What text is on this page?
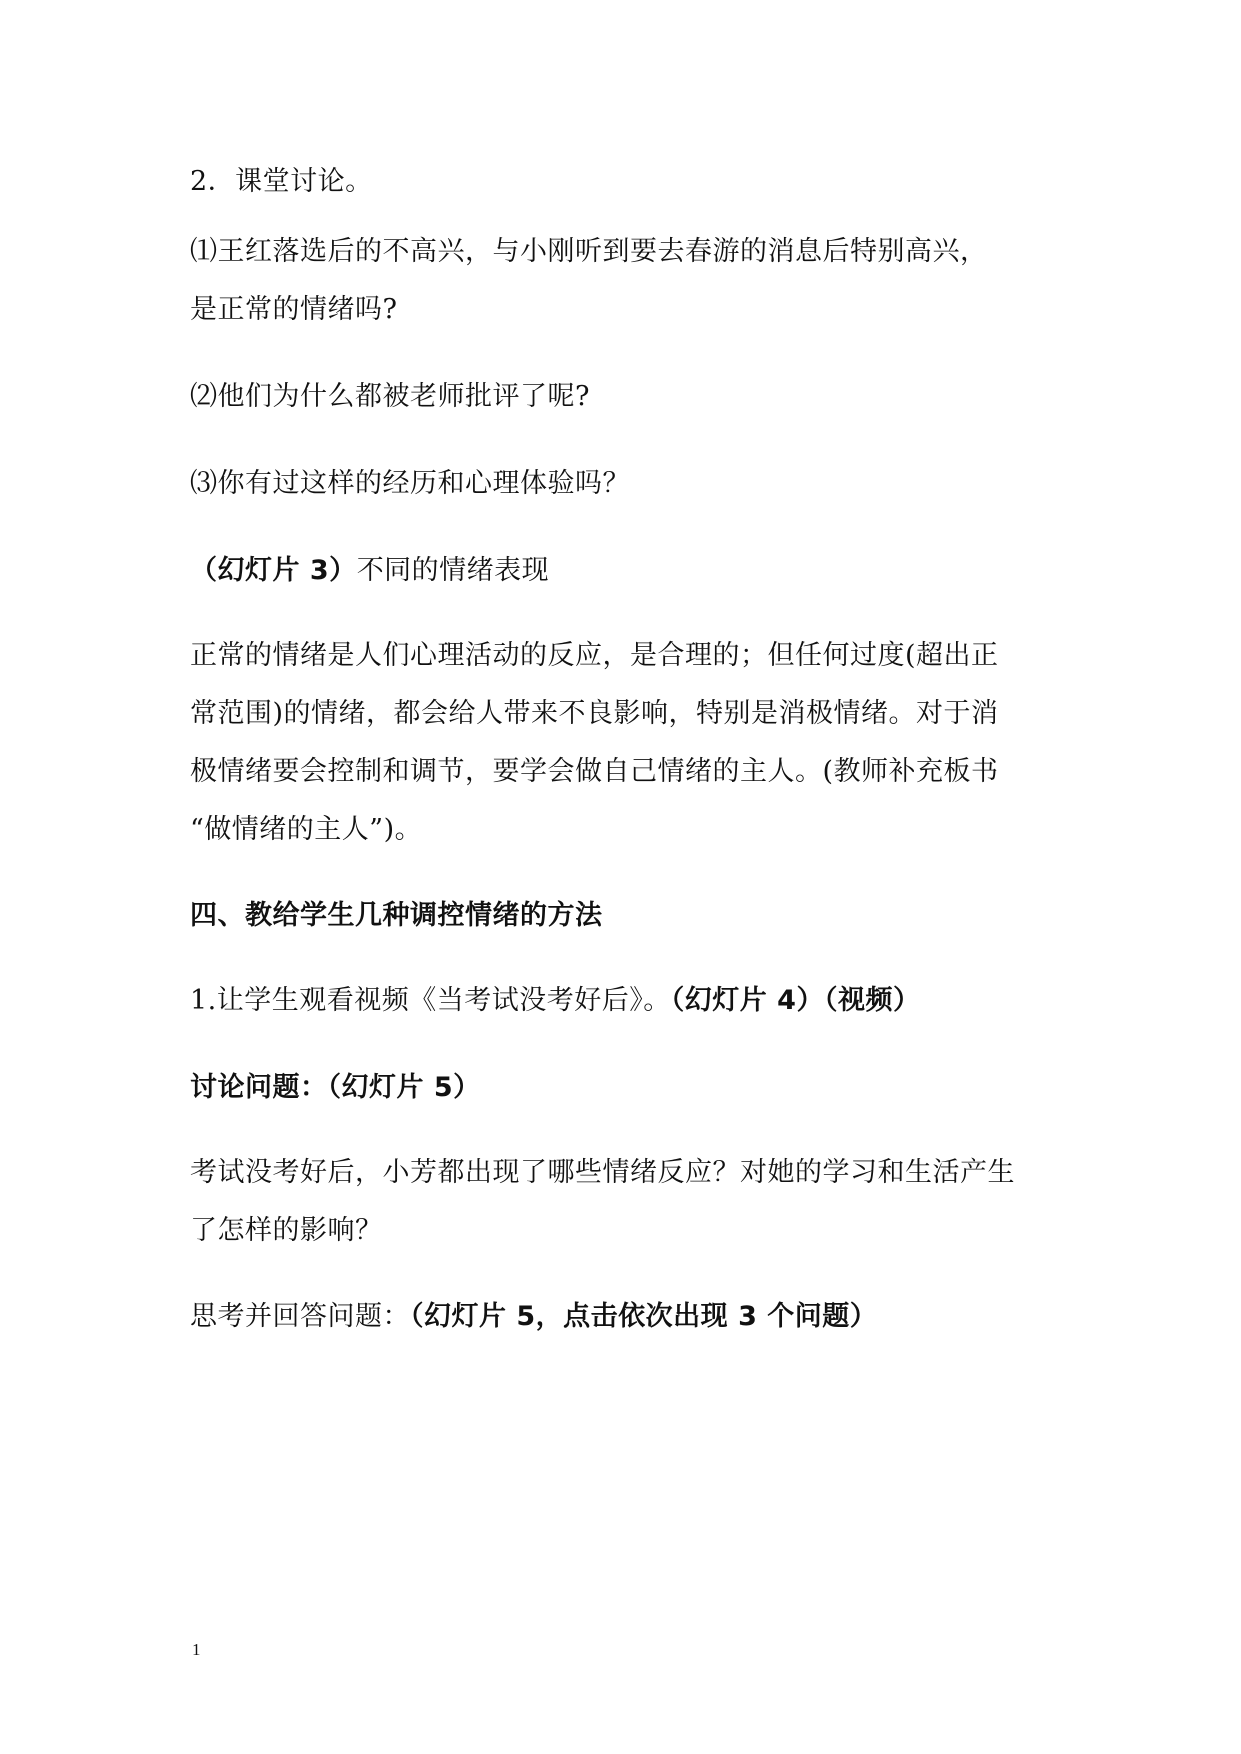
2．课堂讨论。
⑴王红落选后的不高兴，与小刚听到要去春游的消息后特别高兴，
是正常的情绪吗?
⑵他们为什么都被老师批评了呢?
⑶你有过这样的经历和心理体验吗？
（幻灯片 3）不同的情绪表现
正常的情绪是人们心理活动的反应，是合理的；但任何过度(超出正
常范围)的情绪，都会给人带来不良影响，特别是消极情绪。对于消
极情绪要会控制和调节，要学会做自己情绪的主人。(教师补充板书
“做情绪的主人”)。
四、教给学生几种调控情绪的方法
1.让学生观看视频《当考试没考好后》。（幻灯片 4）（视频）
讨论问题：（幻灯片 5）
考试没考好后，小芳都出现了哪些情绪反应？对她的学习和生活产生
了怎样的影响？
思考并回答问题：（幻灯片 5，点击依次出现 3 个问题）
1
